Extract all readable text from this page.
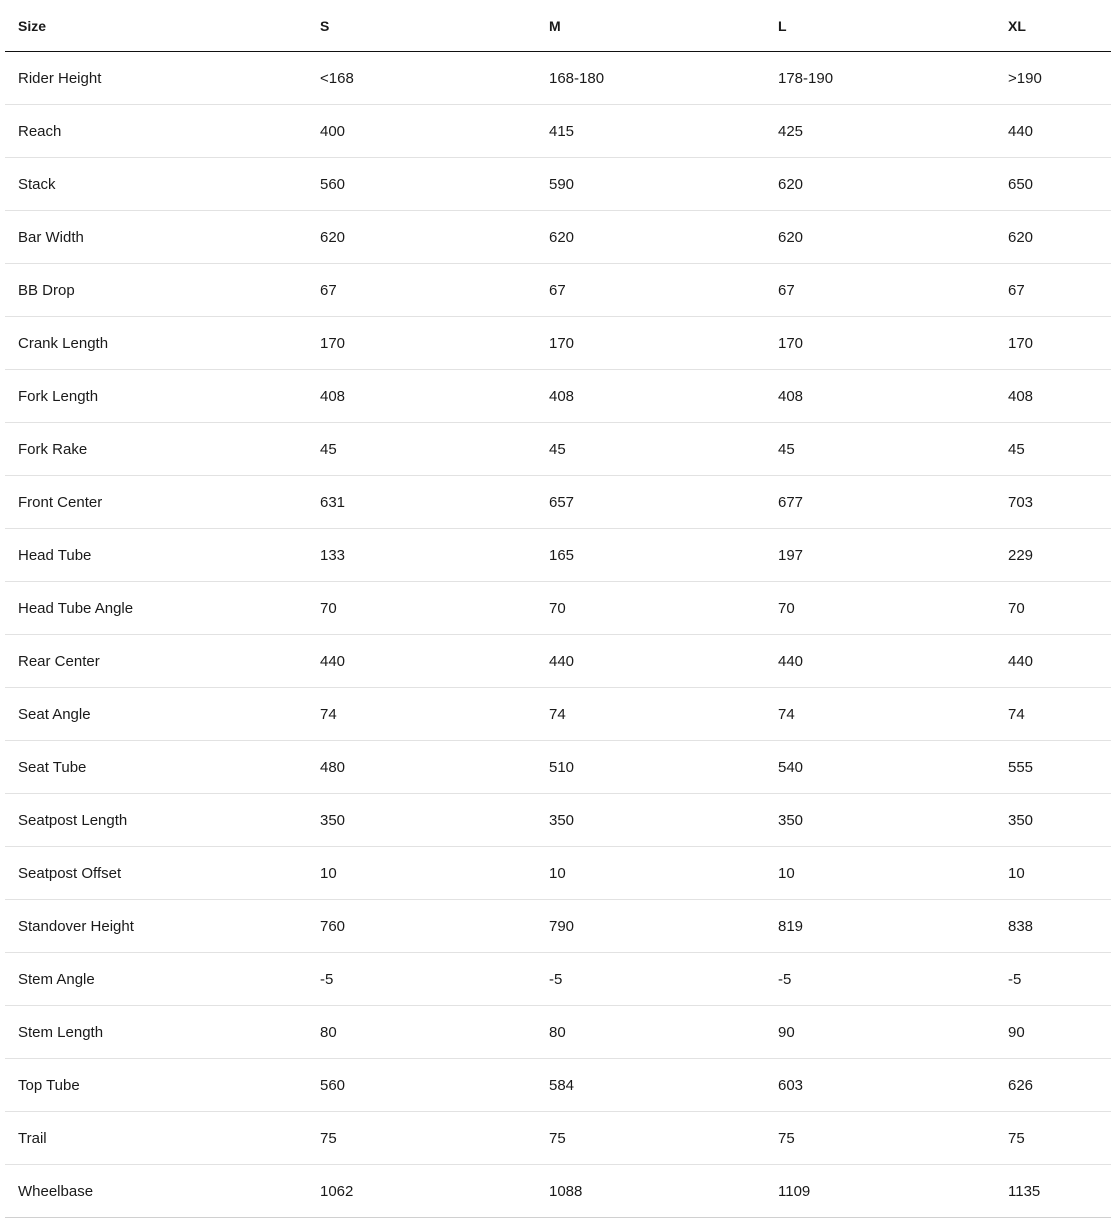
Size	S	M	L	XL
Rider Height	<168	168-180	178-190	>190
Reach	400	415	425	440
Stack	560	590	620	650
Bar Width	620	620	620	620
BB Drop	67	67	67	67
Crank Length	170	170	170	170
Fork Length	408	408	408	408
Fork Rake	45	45	45	45
Front Center	631	657	677	703
Head Tube	133	165	197	229
Head Tube Angle	70	70	70	70
Rear Center	440	440	440	440
Seat Angle	74	74	74	74
Seat Tube	480	510	540	555
Seatpost Length	350	350	350	350
Seatpost Offset	10	10	10	10
Standover Height	760	790	819	838
Stem Angle	-5	-5	-5	-5
Stem Length	80	80	90	90
Top Tube	560	584	603	626
Trail	75	75	75	75
Wheelbase	1062	1088	1109	1135
